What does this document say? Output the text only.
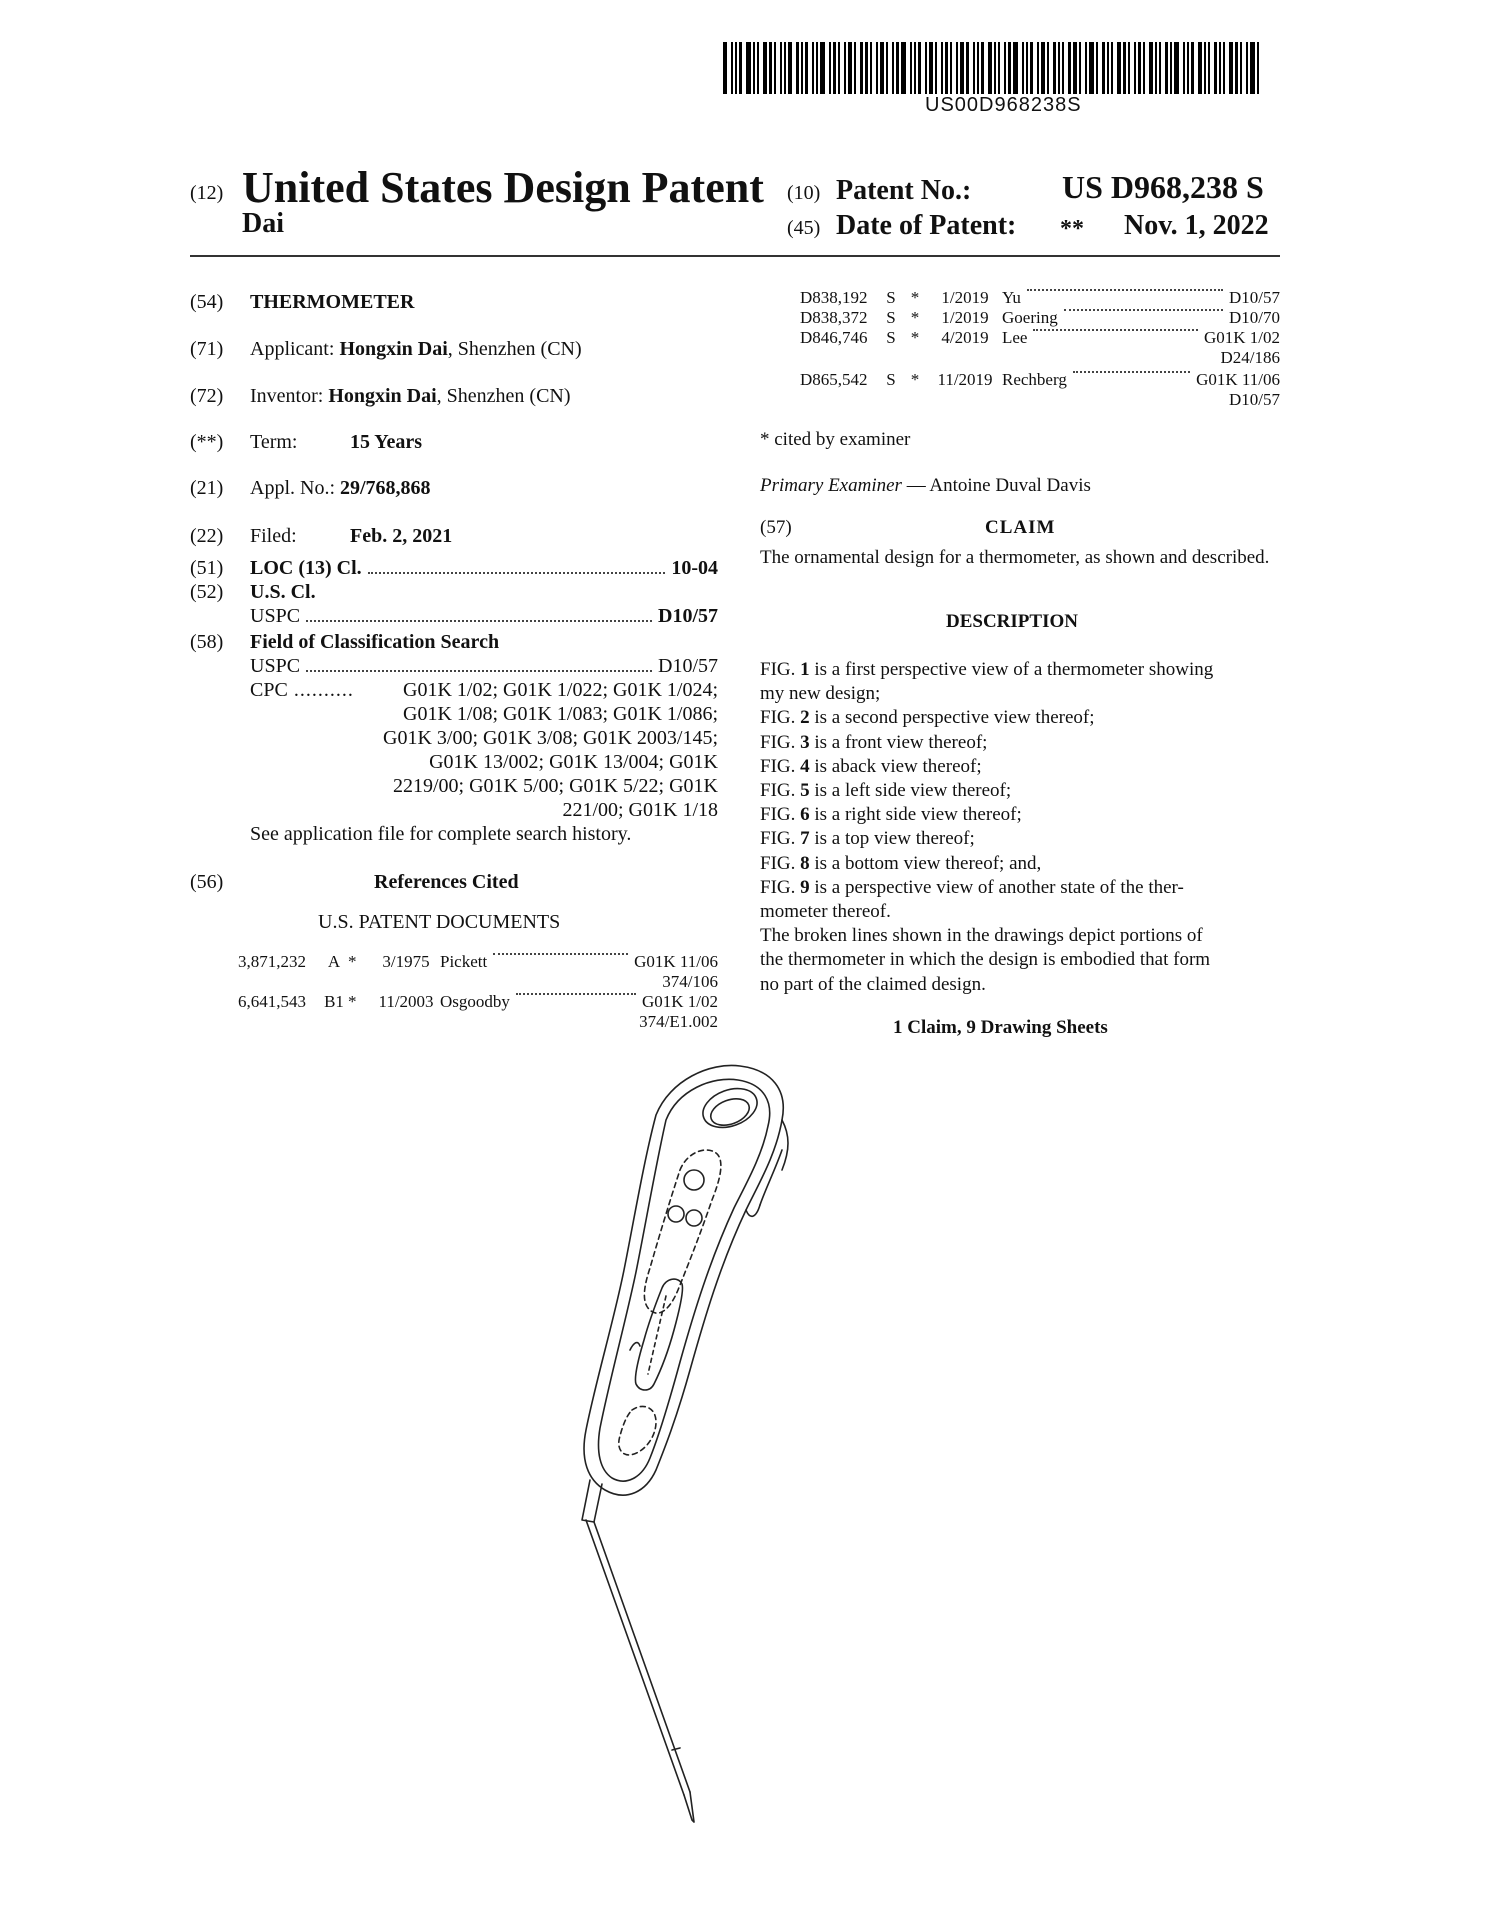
US00D968238S
(12) United States Design Patent
Dai
(10) Patent No.:	US D968,238 S
(45) Date of Patent: ** Nov. 1, 2022
(54) THERMOMETER
(71) Applicant: Hongxin Dai, Shenzhen (CN)
(72) Inventor: Hongxin Dai, Shenzhen (CN)
(**) Term:	15 Years
(21) Appl. No.: 29/768,868
(22) Filed:	Feb. 2, 2021
(51) LOC (13) Cl.	10-04
(52) U.S. Cl.
USPC	D10/57
(58) Field of Classification Search
USPC	D10/57
CPC ..........	G01K 1/02; G01K 1/022; G01K 1/024;
G01K 1/08; G01K 1/083; G01K 1/086;
G01K 3/00; G01K 3/08; G01K 2003/145;
G01K 13/002; G01K 13/004; G01K
2219/00; G01K 5/00; G01K 5/22; G01K
221/00; G01K 1/18
See application file for complete search history.
(56)	References Cited
U.S. PATENT DOCUMENTS
3,871,232	A *	3/1975 Pickett	G01K 11/06
374/106
6,641,543	B1 *	11/2003 Osgoodby	G01K 1/02
374/E1.002
D838,192	S *	1/2019 Yu	D10/57
D838,372	S *	1/2019 Goering	D10/70
D846,746	S *	4/2019 Lee	G01K 1/02
D24/186
D865,542	S *	11/2019 Rechberg	G01K 11/06
D10/57
* cited by examiner
Primary Examiner — Antoine Duval Davis
(57)	CLAIM
The ornamental design for a thermometer, as shown and described.
DESCRIPTION
FIG. 1 is a first perspective view of a thermometer showing
my new design;
FIG. 2 is a second perspective view thereof;
FIG. 3 is a front view thereof;
FIG. 4 is aback view thereof;
FIG. 5 is a left side view thereof;
FIG. 6 is a right side view thereof;
FIG. 7 is a top view thereof;
FIG. 8 is a bottom view thereof; and,
FIG. 9 is a perspective view of another state of the ther-
mometer thereof.
The broken lines shown in the drawings depict portions of
the thermometer in which the design is embodied that form
no part of the claimed design.
1 Claim, 9 Drawing Sheets
